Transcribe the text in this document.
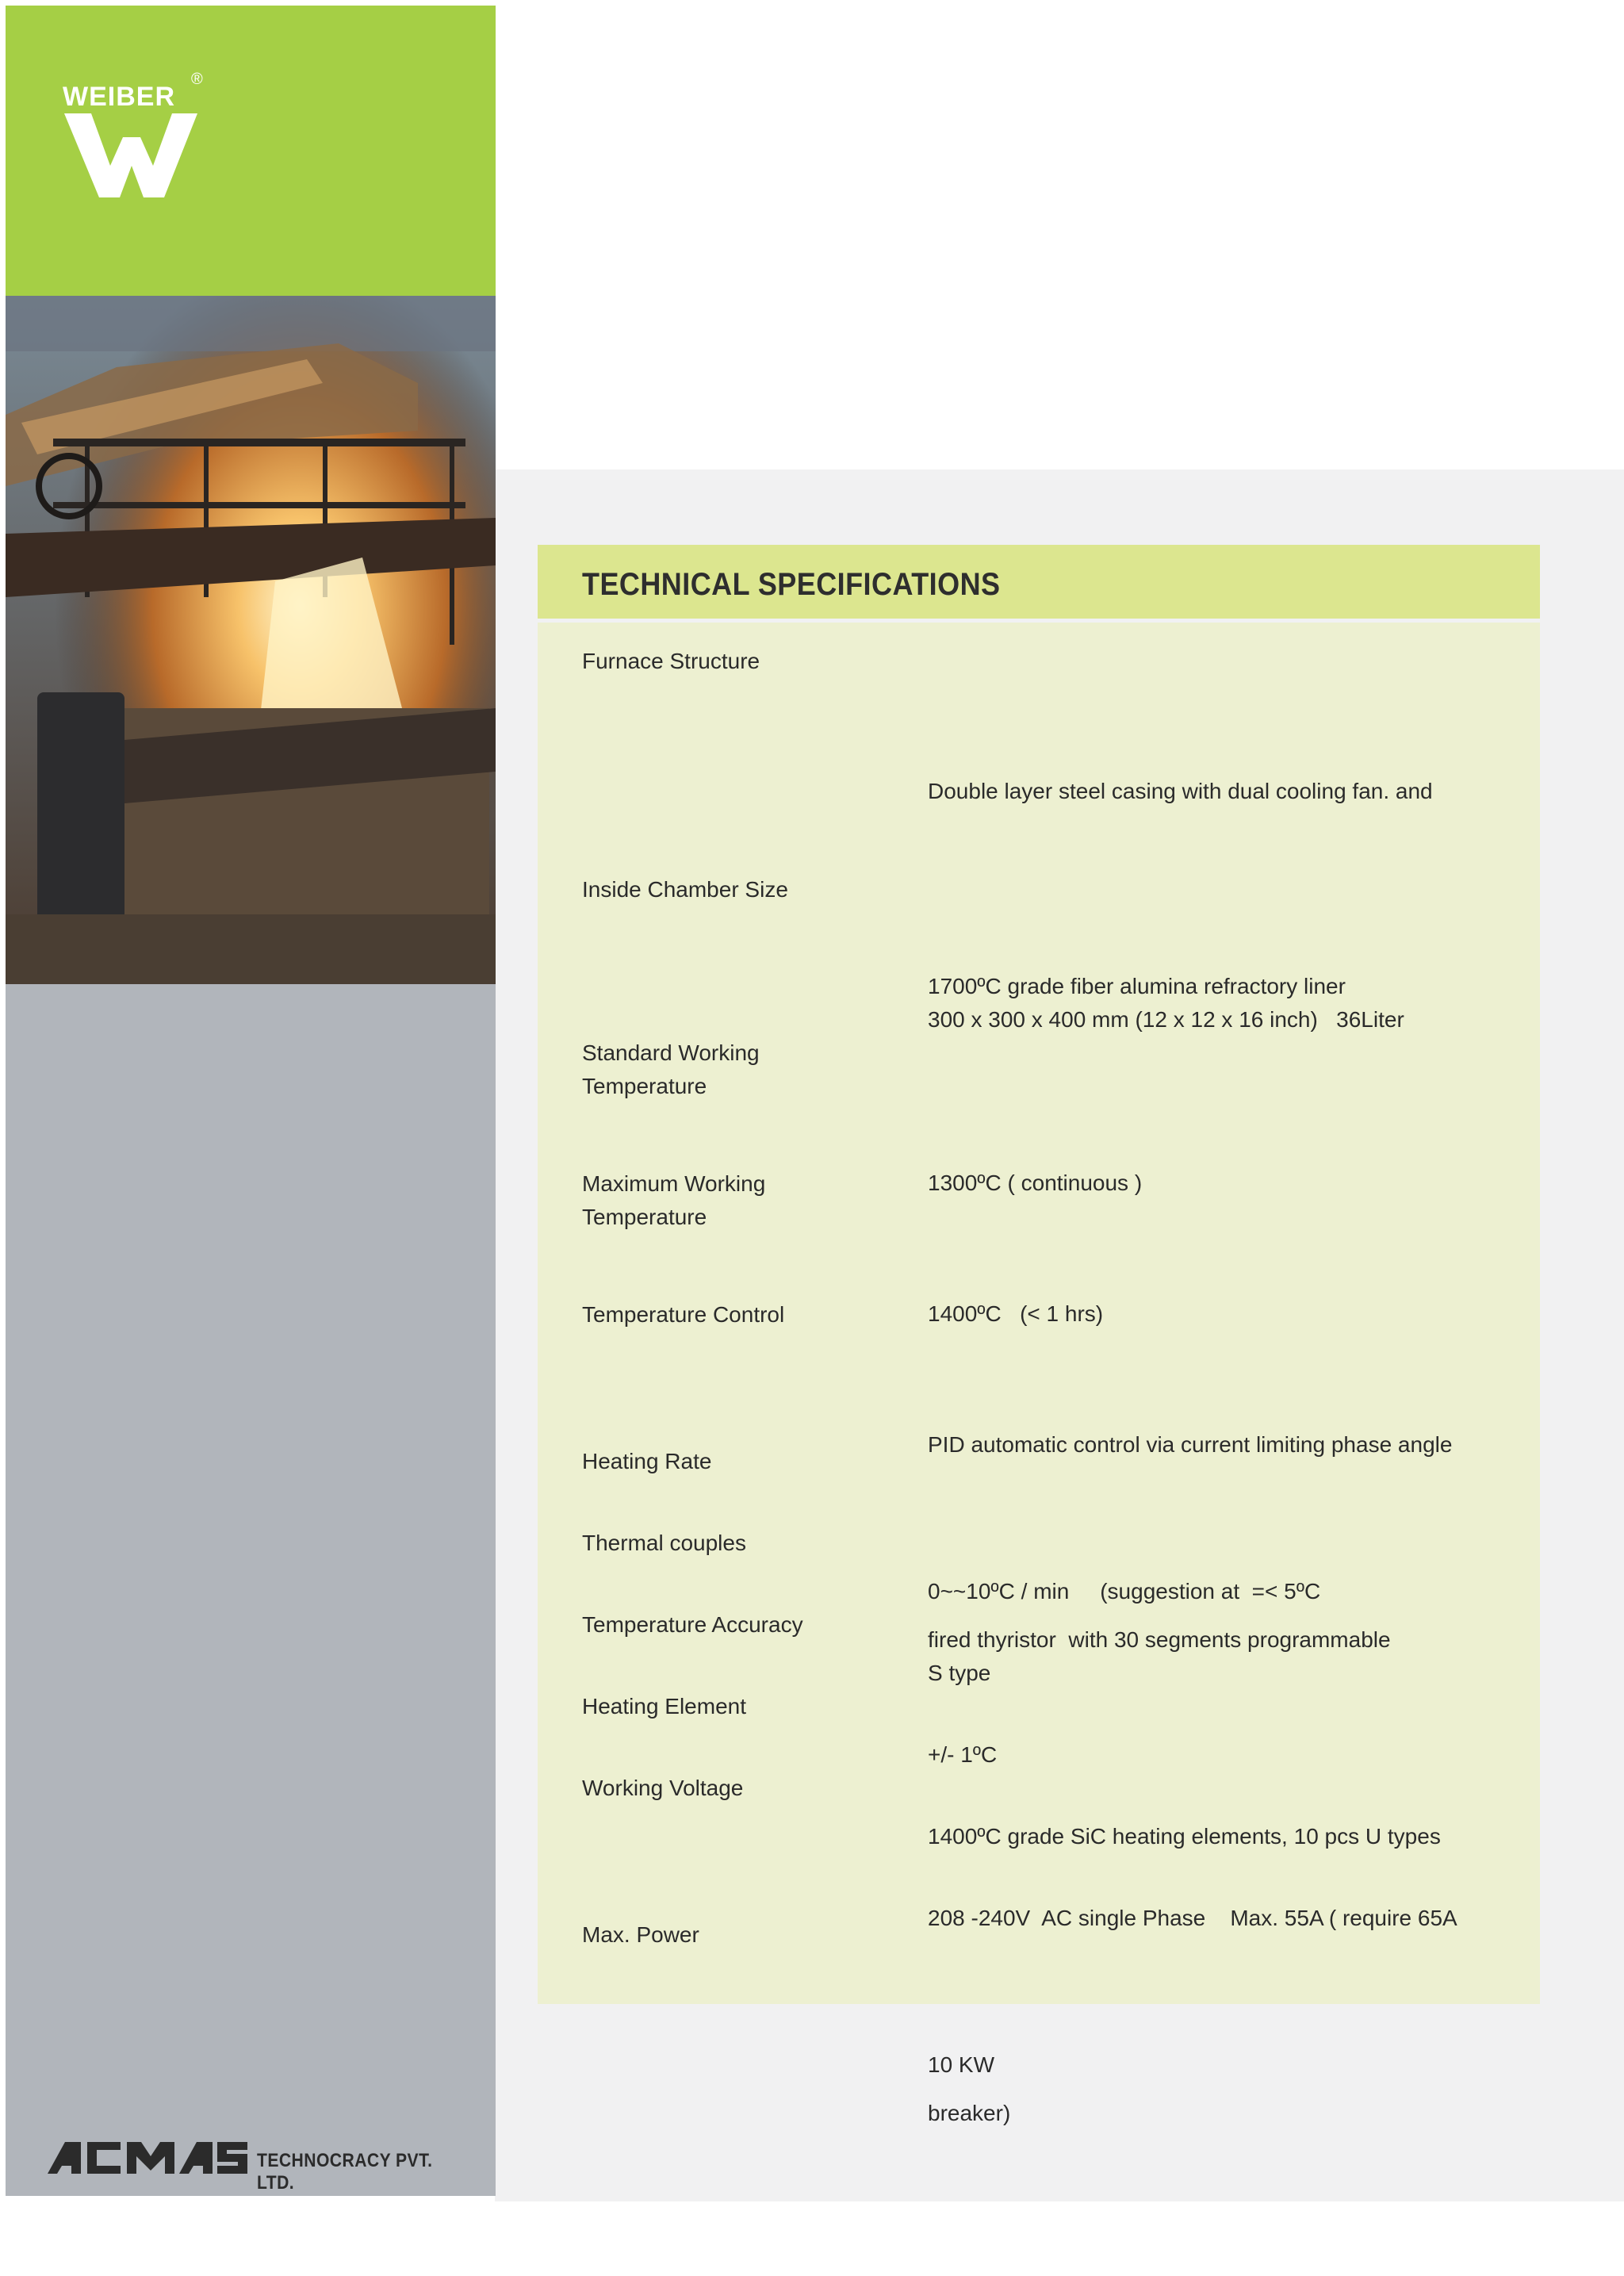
WEIBER
®
TECHNOCRACY PVT. LTD.
TECHNICAL SPECIFICATIONS
Furnace Structure

Double layer steel casing with dual cooling fan. and

1700ºC grade fiber alumina refractory liner

Inside Chamber Size

300 x 300 x 400 mm (12 x 12 x 16 inch)   36Liter

Standard Working Temperature

1300ºC ( continuous )

Maximum Working Temperature

1400ºC   (< 1 hrs)

Temperature Control

PID automatic control via current limiting phase angle

fired thyristor  with 30 segments programmable

Heating Rate

0~~10ºC / min     (suggestion at  =< 5ºC

Thermal couples

S type

Temperature Accuracy

+/- 1ºC

Heating Element

1400ºC grade SiC heating elements, 10 pcs U types

Working Voltage

208 -240V  AC single Phase    Max. 55A ( require 65A

breaker)

Max. Power

10 KW
